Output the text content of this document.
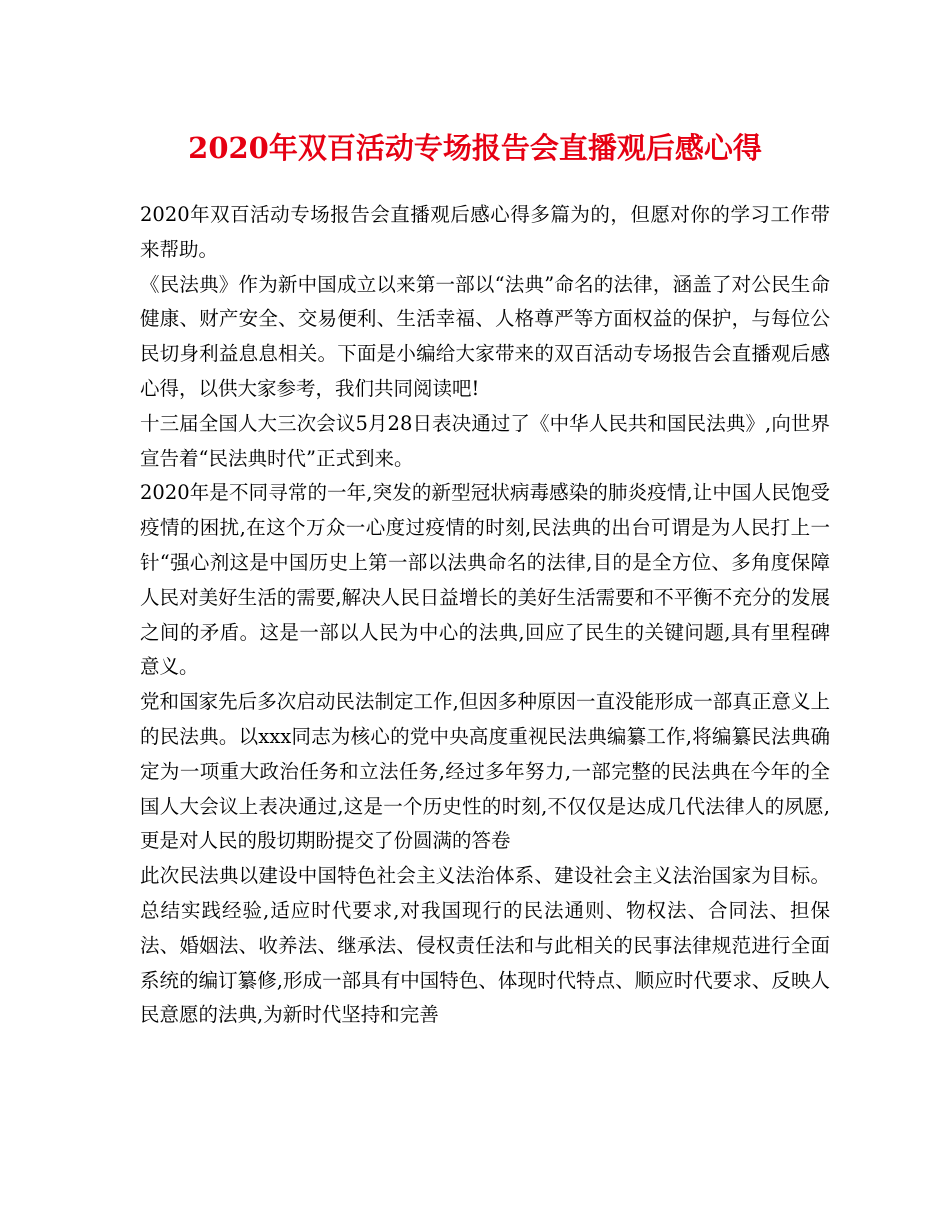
2020年双百活动专场报告会直播观后感心得

2020年双百活动专场报告会直播观后感心得多篇为的，但愿对你的学习工作带来帮助。

《民法典》作为新中国成立以来第一部以“法典”命名的法律，涵盖了对公民生命健康、财产安全、交易便利、生活幸福、人格尊严等方面权益的保护，与每位公民切身利益息息相关。下面是小编给大家带来的双百活动专场报告会直播观后感心得，以供大家参考，我们共同阅读吧!

十三届全国人大三次会议5月28日表决通过了《中华人民共和国民法典》,向世界宣告着“民法典时代”正式到来。

2020年是不同寻常的一年,突发的新型冠状病毒感染的肺炎疫情,让中国人民饱受疫情的困扰,在这个万众一心度过疫情的时刻,民法典的出台可谓是为人民打上一针“强心剂这是中国历史上第一部以法典命名的法律,目的是全方位、多角度保障人民对美好生活的需要,解决人民日益增长的美好生活需要和不平衡不充分的发展之间的矛盾。这是一部以人民为中心的法典,回应了民生的关键问题,具有里程碑意义。

党和国家先后多次启动民法制定工作,但因多种原因一直没能形成一部真正意义上的民法典。以xxx同志为核心的党中央高度重视民法典编纂工作,将编纂民法典确定为一项重大政治任务和立法任务,经过多年努力,一部完整的民法典在今年的全国人大会议上表决通过,这是一个历史性的时刻,不仅仅是达成几代法律人的夙愿,更是对人民的殷切期盼提交了份圆满的答卷

此次民法典以建设中国特色社会主义法治体系、建设社会主义法治国家为目标。总结实践经验,适应时代要求,对我国现行的民法通则、物权法、合同法、担保法、婚姻法、收养法、继承法、侵权责任法和与此相关的民事法律规范进行全面系统的编订纂修,形成一部具有中国特色、体现时代特点、顺应时代要求、反映人民意愿的法典,为新时代坚持和完善
